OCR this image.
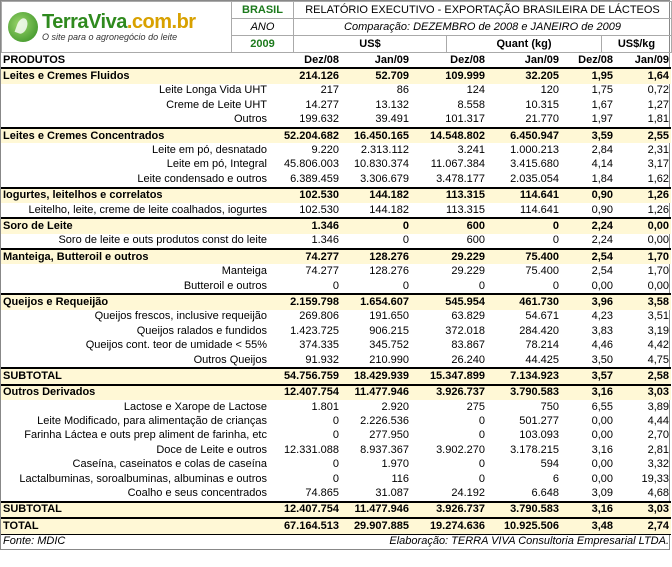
TerraViva.com.br
O site para o agronegócio do leite
	BRASIL	RELATÓRIO EXECUTIVO - EXPORTAÇÃO BRASILEIRA DE LÁCTEOS
ANO	Comparação: DEZEMBRO de 2008 e JANEIRO de 2009
2009		US$	Quant (kg)	US$/kg
PRODUTOS	Dez/08	Jan/09	Dez/08	Jan/09	Dez/08	Jan/09
Leites e Cremes Fluidos	214.126	52.709	109.999	32.205	1,95	1,64
Leite Longa Vida UHT	217	86	124	120	1,75	0,72
Creme de Leite UHT	14.277	13.132	8.558	10.315	1,67	1,27
Outros	199.632	39.491	101.317	21.770	1,97	1,81
Leites e Cremes Concentrados	52.204.682	16.450.165	14.548.802	6.450.947	3,59	2,55
Leite em pó, desnatado	9.220	2.313.112	3.241	1.000.213	2,84	2,31
Leite em pó, Integral	45.806.003	10.830.374	11.067.384	3.415.680	4,14	3,17
Leite condensado e outros	6.389.459	3.306.679	3.478.177	2.035.054	1,84	1,62
Iogurtes, leitelhos e correlatos	102.530	144.182	113.315	114.641	0,90	1,26
Leitelho, leite, creme de leite coalhados, iogurtes	102.530	144.182	113.315	114.641	0,90	1,26
Soro de Leite	1.346	0	600	0	2,24	0,00
Soro de leite e outs produtos const do leite	1.346	0	600	0	2,24	0,00
Manteiga, Butteroil e outros	74.277	128.276	29.229	75.400	2,54	1,70
Manteiga	74.277	128.276	29.229	75.400	2,54	1,70
Butteroil e outros	0	0	0	0	0,00	0,00
Queijos e Requeijão	2.159.798	1.654.607	545.954	461.730	3,96	3,58
Queijos frescos, inclusive requeijão	269.806	191.650	63.829	54.671	4,23	3,51
Queijos ralados e fundidos	1.423.725	906.215	372.018	284.420	3,83	3,19
Queijos cont. teor de umidade < 55%	374.335	345.752	83.867	78.214	4,46	4,42
Outros Queijos	91.932	210.990	26.240	44.425	3,50	4,75
SUBTOTAL	54.756.759	18.429.939	15.347.899	7.134.923	3,57	2,58
Outros Derivados	12.407.754	11.477.946	3.926.737	3.790.583	3,16	3,03
Lactose e Xarope de Lactose	1.801	2.920	275	750	6,55	3,89
Leite Modificado, para alimentação de crianças	0	2.226.536	0	501.277	0,00	4,44
Farinha Láctea e outs prep aliment de farinha, etc	0	277.950	0	103.093	0,00	2,70
Doce de Leite e outros	12.331.088	8.937.367	3.902.270	3.178.215	3,16	2,81
Caseína, caseinatos e colas de caseína	0	1.970	0	594	0,00	3,32
Lactalbuminas, soroalbuminas, albuminas e outros	0	116	0	6	0,00	19,33
Coalho e seus concentrados	74.865	31.087	24.192	6.648	3,09	4,68
SUBTOTAL	12.407.754	11.477.946	3.926.737	3.790.583	3,16	3,03
TOTAL	67.164.513	29.907.885	19.274.636	10.925.506	3,48	2,74
Fonte: MDIC	Elaboração: TERRA VIVA Consultoria Empresarial LTDA.					
